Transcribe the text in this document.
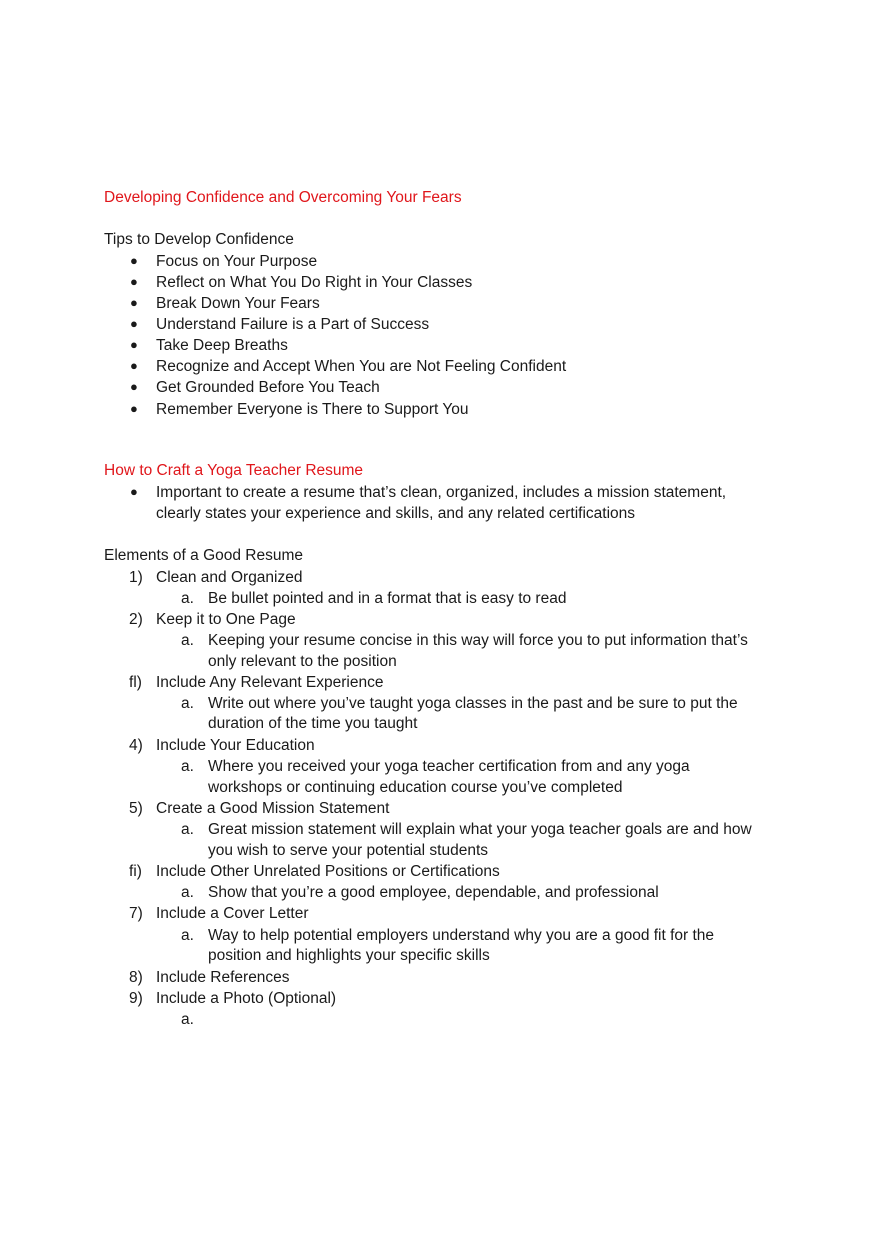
Developing Confidence and Overcoming Your Fears
Tips to Develop Confidence
● Focus on Your Purpose
● Reflect on What You Do Right in Your Classes
● Break Down Your Fears
● Understand Failure is a Part of Success
● Take Deep Breaths
● Recognize and Accept When You are Not Feeling Confident
● Get Grounded Before You Teach
● Remember Everyone is There to Support You
How to Craft a Yoga Teacher Resume
● Important to create a resume that’s clean, organized, includes a mission statement,
clearly states your experience and skills, and any related certifications
Elements of a Good Resume
1) Clean and Organized
a. Be bullet pointed and in a format that is easy to read
2) Keep it to One Page
a. Keeping your resume concise in this way will force you to put information that’s
only relevant to the position
ﬂ) Include Any Relevant Experience
a. Write out where you’ve taught yoga classes in the past and be sure to put the
duration of the time you taught
4) Include Your Education
a. Where you received your yoga teacher certification from and any yoga
workshops or continuing education course you’ve completed
5) Create a Good Mission Statement
a. Great mission statement will explain what your yoga teacher goals are and how
you wish to serve your potential students
ﬁ) Include Other Unrelated Positions or Certifications
a. Show that you’re a good employee, dependable, and professional
7) Include a Cover Letter
a. Way to help potential employers understand why you are a good fit for the
position and highlights your specific skills
8) Include References
9) Include a Photo (Optional)
a.
